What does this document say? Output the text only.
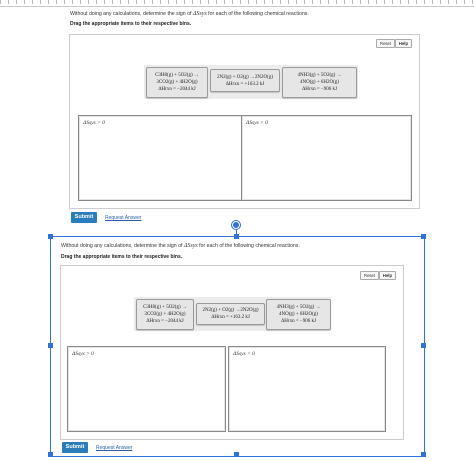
Without doing any calculations, determine the sign of ΔSsys for each of the following chemical reactions.
Drag the appropriate items to their respective bins.
Reset	Help
C3H8(g) + 5O2(g) →
3CO2(g) + 4H2O(g)
ΔHrxn = −2044 kJ
2N2(g) + O2(g) →2N2O(g)
ΔHrxn = +163.2 kJ
4NH3(g) + 5O2(g) →
4NO(g) + 6H2O(g)
ΔHrxn = −906 kJ
ΔSsys > 0	ΔSsys < 0
Submit	Request Answer
Without doing any calculations, determine the sign of ΔSsys for each of the following chemical reactions.
Drag the appropriate items to their respective bins.
Reset	Help
C3H8(g) + 5O2(g) →
3CO2(g) + 4H2O(g)
ΔHrxn = −2044 kJ
2N2(g) + O2(g) →2N2O(g)
ΔHrxn = +163.2 kJ
4NH3(g) + 5O2(g) →
4NO(g) + 6H2O(g)
ΔHrxn = −906 kJ
ΔSsys > 0	ΔSsys < 0
Submit	Request Answer
